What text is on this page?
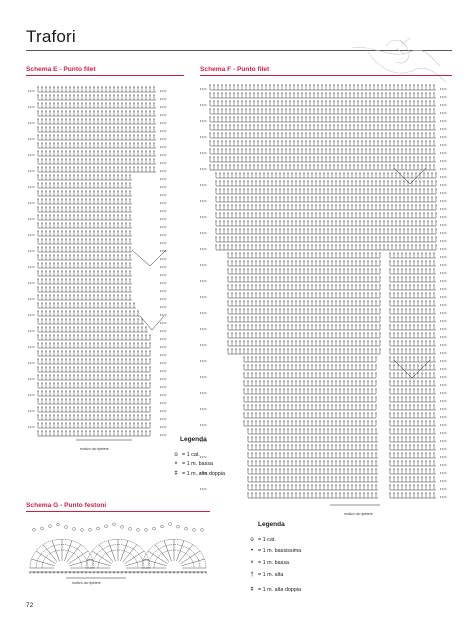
Trafori
Schema E - Punto filet	Schema F - Punto filet
Schema G - Punto festoni
× × × × × × × × × × × × × × × × × × × × × × × × × × × × × × × × × × × × × × × × × × × × ×
motivo da ripetere
motivo da ripetere
motivo da ripetere
Legenda
o = 1 cat.
× = 1 m. bassa
ǂ = 1 m. alta doppia
Legenda
o = 1 cat.
• = 1 m. bassissima
× = 1 m. bassa
† = 1 m. alta
ǂ = 1 m. alta doppia
72
